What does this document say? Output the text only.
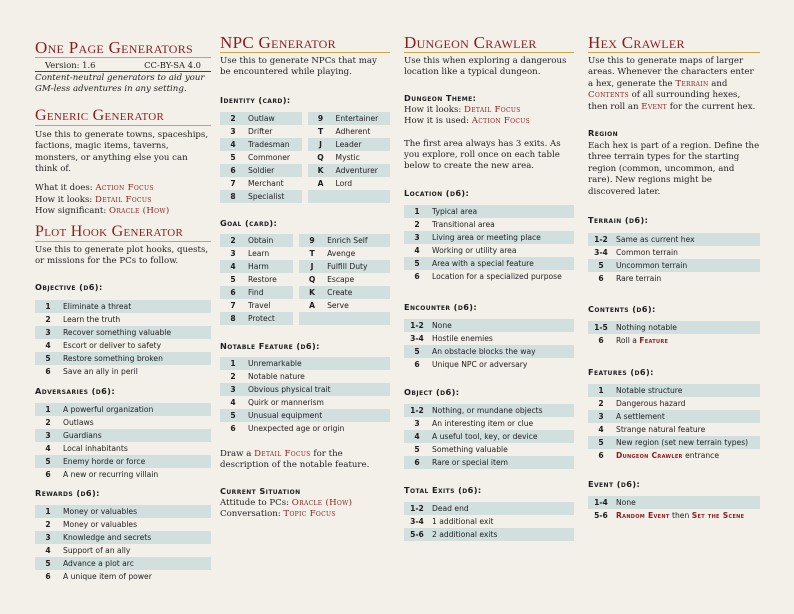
One Page Generators
Version: 1.6	CC-BY-SA 4.0
Content-neutral generators to aid your GM-less adventures in any setting.
Generic Generator
Use this to generate towns, spaceships, factions, magic items, taverns, monsters, or anything else you can think of.
What it does: Action Focus
How it looks: Detail Focus
How significant: Oracle (How)
Plot Hook Generator
Use this to generate plot hooks, quests, or missions for the PCs to follow.
Objective (d6):
1	Eliminate a threat
2	Learn the truth
3	Recover something valuable
4	Escort or deliver to safety
5	Restore something broken
6	Save an ally in peril
Adversaries (d6):
1	A powerful organization
2	Outlaws
3	Guardians
4	Local inhabitants
5	Enemy horde or force
6	A new or recurring villain
Rewards (d6):
1	Money or valuables
2	Money or valuables
3	Knowledge and secrets
4	Support of an ally
5	Advance a plot arc
6	A unique item of power
NPC Generator
Use this to generate NPCs that may be encountered while playing.
Identity (card):
2	Outlaw		9	Entertainer
3	Drifter		T	Adherent
4	Tradesman		J	Leader
5	Commoner		Q	Mystic
6	Soldier		K	Adventurer
7	Merchant		A	Lord
8	Specialist			
Goal (card):
2	Obtain		9	Enrich Self
3	Learn		T	Avenge
4	Harm		J	Fulfill Duty
5	Restore		Q	Escape
6	Find		K	Create
7	Travel		A	Serve
8	Protect			
Notable Feature (d6):
1	Unremarkable
2	Notable nature
3	Obvious physical trait
4	Quirk or mannerism
5	Unusual equipment
6	Unexpected age or origin
Draw a Detail Focus for the description of the notable feature.
Current Situation
Attitude to PCs: Oracle (How)
Conversation: Topic Focus
Dungeon Crawler
Use this when exploring a dangerous location like a typical dungeon.
Dungeon Theme:
How it looks: Detail Focus
How it is used: Action Focus
The first area always has 3 exits. As you explore, roll once on each table below to create the new area.
Location (d6):
1	Typical area
2	Transitional area
3	Living area or meeting place
4	Working or utility area
5	Area with a special feature
6	Location for a specialized purpose
Encounter (d6):
1-2	None
3-4	Hostile enemies
5	An obstacle blocks the way
6	Unique NPC or adversary
Object (d6):
1-2	Nothing, or mundane objects
3	An interesting item or clue
4	A useful tool, key, or device
5	Something valuable
6	Rare or special item
Total Exits (d6):
1-2	Dead end
3-4	1 additional exit
5-6	2 additional exits
Hex Crawler
Use this to generate maps of larger areas. Whenever the characters enter a hex, generate the Terrain and Contents of all surrounding hexes, then roll an Event for the current hex.
Region
Each hex is part of a region. Define the three terrain types for the starting region (common, uncommon, and rare). New regions might be discovered later.
Terrain (d6):
1-2	Same as current hex
3-4	Common terrain
5	Uncommon terrain
6	Rare terrain
Contents (d6):
1-5	Nothing notable
6	Roll a Feature
Features (d6):
1	Notable structure
2	Dangerous hazard
3	A settlement
4	Strange natural feature
5	New region (set new terrain types)
6	Dungeon Crawler entrance
Event (d6):
1-4	None
5-6	Random Event then Set the Scene
